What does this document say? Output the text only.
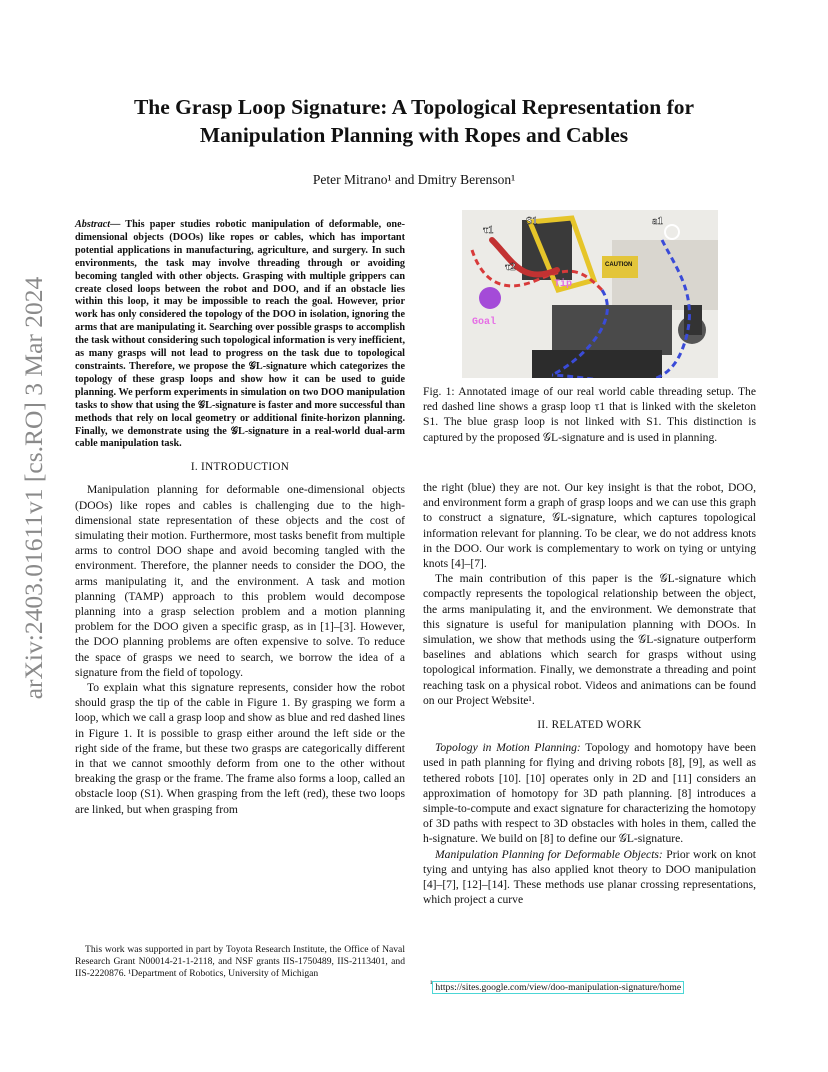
arXiv:2403.01611v1 [cs.RO] 3 Mar 2024
The Grasp Loop Signature: A Topological Representation for
Manipulation Planning with Ropes and Cables
Peter Mitrano¹ and Dmitry Berenson¹
Abstract— This paper studies robotic manipulation of deformable, one-dimensional objects (DOOs) like ropes or cables, which has important potential applications in manufacturing, agriculture, and surgery. In such environments, the task may involve threading through or avoiding becoming tangled with other objects. Grasping with multiple grippers can create closed loops between the robot and DOO, and if an obstacle lies within this loop, it may be impossible to reach the goal. However, prior work has only considered the topology of the DOO in isolation, ignoring the arms that are manipulating it. Searching over possible grasps to accomplish the task without considering such topological information is very inefficient, as many grasps will not lead to progress on the task due to topological constraints. Therefore, we propose the 𝒢L-signature which categorizes the topology of these grasp loops and show how it can be used to guide planning. We perform experiments in simulation on two DOO manipulation tasks to show that using the 𝒢L-signature is faster and more successful than methods that rely on local geometry or additional finite-horizon planning. Finally, we demonstrate using the 𝒢L-signature in a real-world dual-arm cable manipulation task.
I. INTRODUCTION

Manipulation planning for deformable one-dimensional objects (DOOs) like ropes and cables is challenging due to the high-dimensional state representation of these objects and the cost of simulating their motion. Furthermore, most tasks benefit from multiple arms to control DOO shape and avoid becoming tangled with the environment. Therefore, the planner needs to consider the DOO, the arms manipulating it, and the environment. A task and motion planning (TAMP) approach to this problem would decompose planning into a grasp selection problem and a motion planning problem for the DOO given a specific grasp, as in [1]–[3]. However, the DOO planning problems are often expensive to solve. To reduce the space of grasps we need to search, we borrow the idea of a signature from the field of topology.

To explain what this signature represents, consider how the robot should grasp the tip of the cable in Figure 1. By grasping we form a loop, which we call a grasp loop and show as blue and red dashed lines in Figure 1. It is possible to grasp either around the left side or the right side of the frame, but these two grasps are categorically different in that we cannot smoothly deform from one to the other without breaking the grasp or the frame. The frame also forms a loop, called an obstacle loop (S1). When grasping from the left (red), these two loops are linked, but when grasping from

This work was supported in part by Toyota Research Institute, the Office of Naval Research Grant N00014-21-1-2118, and NSF grants IIS-1750489, IIS-2113401, and IIS-2220876. ¹Department of Robotics, University of Michigan
CAUTION
τ1
τ2
S1	a1
Tip
Goal
Fig. 1: Annotated image of our real world cable threading setup. The red dashed line shows a grasp loop τ1 that is linked with the skeleton S1. The blue grasp loop is not linked with S1. This distinction is captured by the proposed 𝒢L-signature and is used in planning.

the right (blue) they are not. Our key insight is that the robot, DOO, and environment form a graph of grasp loops and we can use this graph to construct a signature, 𝒢L-signature, which captures topological information relevant for planning. To be clear, we do not address knots in the DOO. Our work is complementary to work on tying or untying knots [4]–[7].

The main contribution of this paper is the 𝒢L-signature which compactly represents the topological relationship between the object, the arms manipulating it, and the environment. We demonstrate that this signature is useful for manipulation planning with DOOs. In simulation, we show that methods using the 𝒢L-signature outperform baselines and ablations which search for grasps without using topological information. Finally, we demonstrate a threading and point reaching task on a physical robot. Videos and animations can be found on our Project Website¹.

II. RELATED WORK

Topology in Motion Planning: Topology and homotopy have been used in path planning for flying and driving robots [8], [9], as well as tethered robots [10]. [10] operates only in 2D and [11] considers an approximation of homotopy for 3D path planning. [8] introduces a simple-to-compute and exact signature for characterizing the homotopy of 3D paths with respect to 3D obstacles with holes in them, called the h-signature. We build on [8] to define our 𝒢L-signature.

Manipulation Planning for Deformable Objects: Prior work on knot tying and untying has also applied knot theory to DOO manipulation [4]–[7], [12]–[14]. These methods use planar crossing representations, which project a curve

$^{^1}$ https://sites.google.com/view/doo-manipulation-signature/home
